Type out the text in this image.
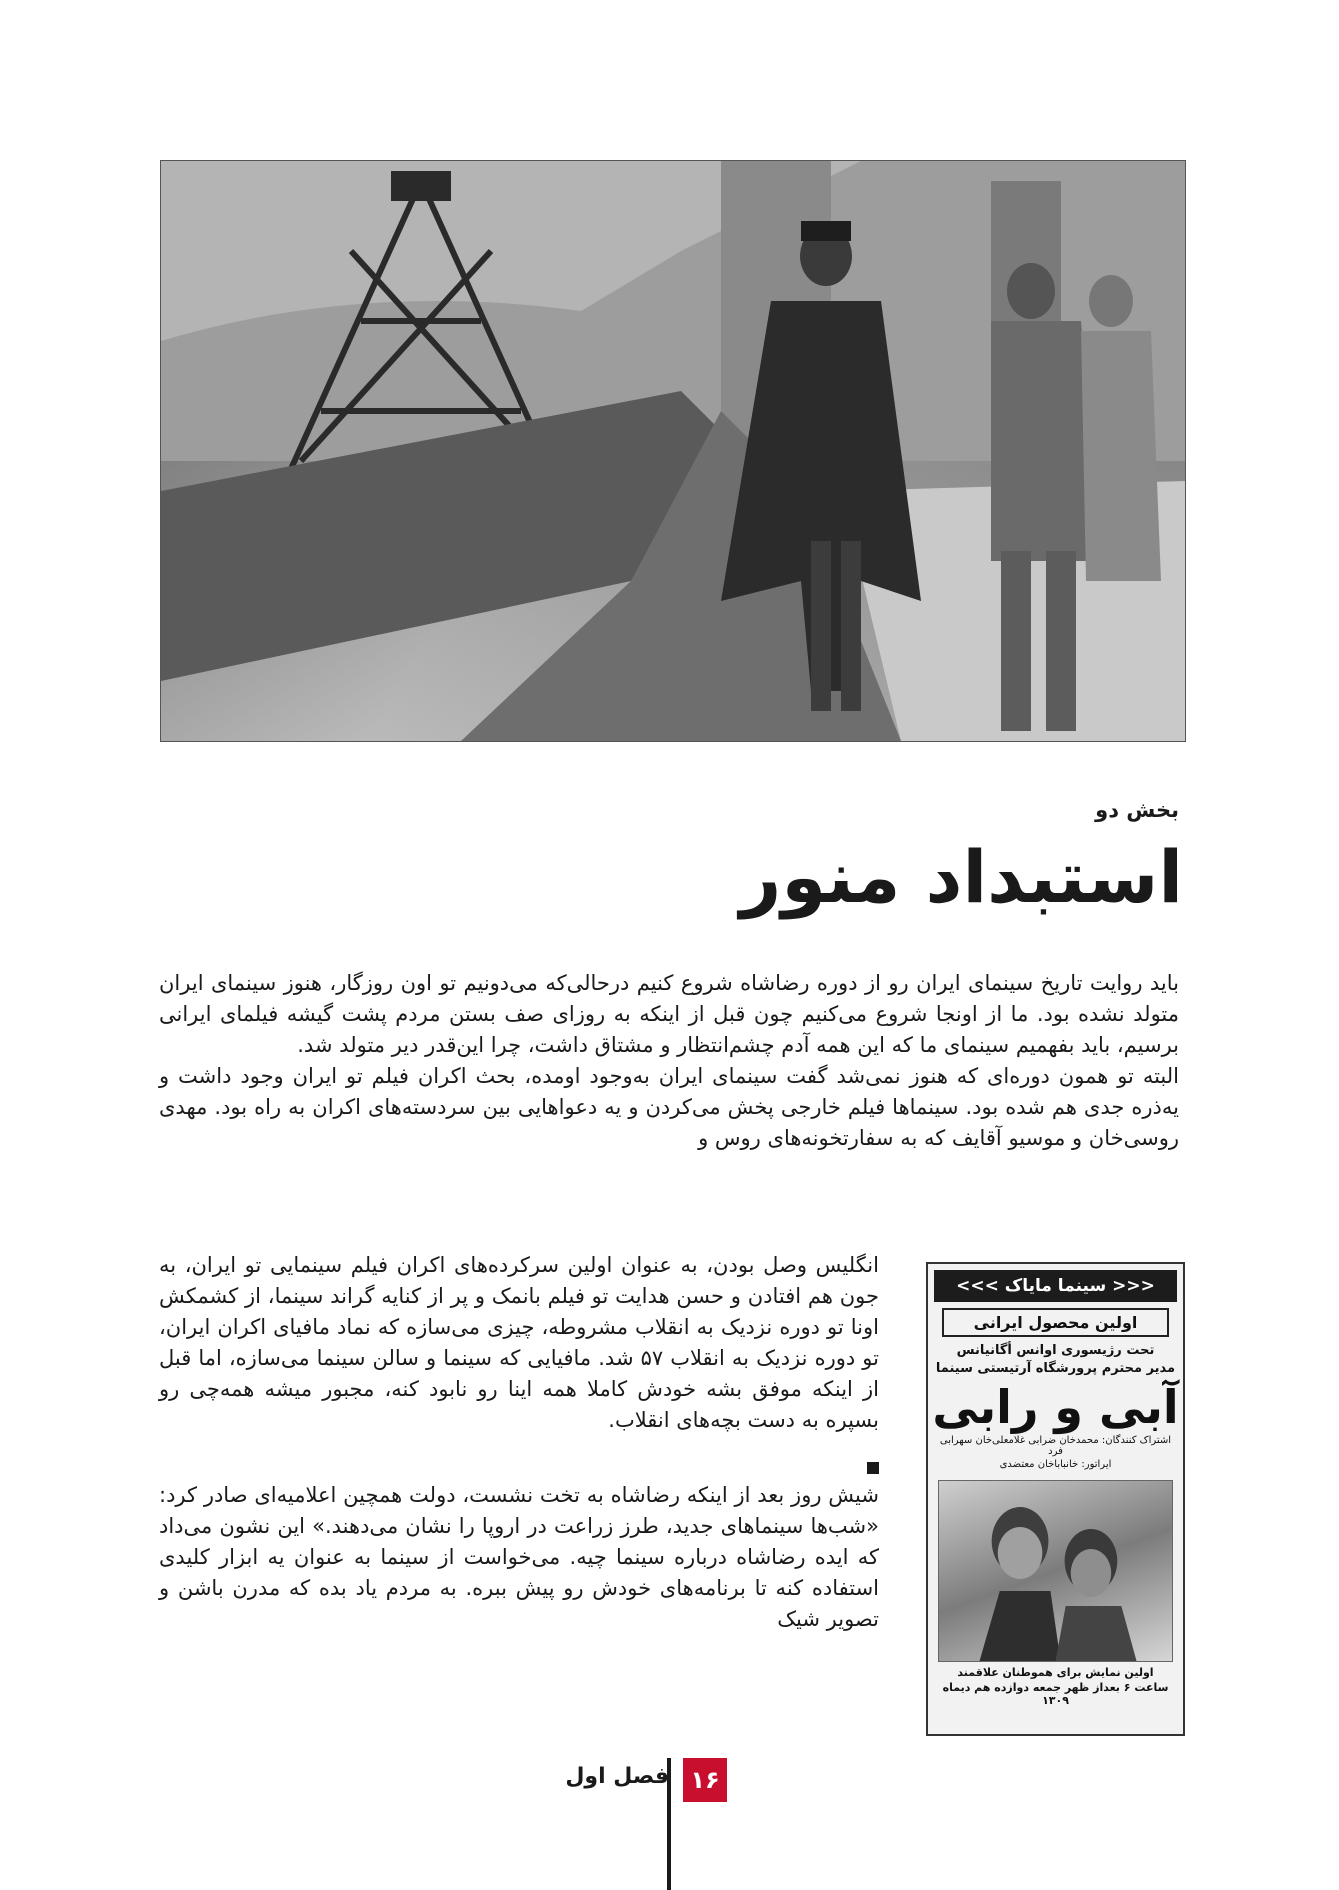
بخش دو
استبداد منور

باید روایت تاریخ سینمای ایران رو از دوره رضاشاه شروع کنیم درحالی‌که می‌دونیم تو اون روزگار، هنوز سینمای ایران متولد نشده بود. ما از اونجا شروع می‌کنیم چون قبل از اینکه به روزای صف بستن مردم پشت گیشه فیلمای ایرانی برسیم، باید بفهمیم سینمای ما که این همه آدم چشم‌انتظار و مشتاق داشت، چرا این‌قدر دیر متولد شد.

البته تو همون دوره‌ای که هنوز نمی‌شد گفت سینمای ایران به‌وجود اومده، بحث اکران فیلم تو ایران وجود داشت و یه‌ذره جدی هم شده بود. سینماها فیلم خارجی پخش می‌کردن و یه دعواهایی بین سردسته‌های اکران به راه بود. مهدی روسی‌خان و موسیو آقایف که به سفارتخونه‌های روس و

انگلیس وصل بودن، به عنوان اولین سرکرده‌های اکران فیلم سینمایی تو ایران، به جون هم افتادن و حسن هدایت تو فیلم بانمک و پر از کنایه گراند سینما، از کشمکش اونا تو دوره نزدیک به انقلاب مشروطه، چیزی می‌سازه که نماد مافیای اکران ایران، تو دوره نزدیک به انقلاب ۵۷ شد. مافیایی که سینما و سالن سینما می‌سازه، اما قبل از اینکه موفق بشه خودش کاملا همه اینا رو نابود کنه، مجبور میشه همه‌چی رو بسپره به دست بچه‌های انقلاب.

شیش روز بعد از اینکه رضاشاه به تخت نشست، دولت همچین اعلامیه‌ای صادر کرد: «شب‌ها سینماهای جدید، طرز زراعت در اروپا را نشان می‌دهند.» این نشون می‌داد که ایده رضاشاه درباره سینما چیه. می‌خواست از سینما به عنوان یه ابزار کلیدی استفاده کنه تا برنامه‌های خودش رو پیش ببره. به مردم یاد بده که مدرن باشن و تصویر شیک

<<< سینما مایاک >>>
اولین محصول ایرانی
تحت رژیسوری اوانس أگانیانس
مدیر محترم پرورشگاه آرتیستی سینما
آبی و رابی
اشتراک کنندگان: محمدخان ضرابی غلامعلی‌خان سهرابی فرد
ایراتور: خانبابا‌خان معتضدی
اولین نمایش برای هموطنان علاقمند
ساعت ۶ بعداز ظهر جمعه دوازده هم دیماه ۱۳۰۹
۱۶
فصل اول
